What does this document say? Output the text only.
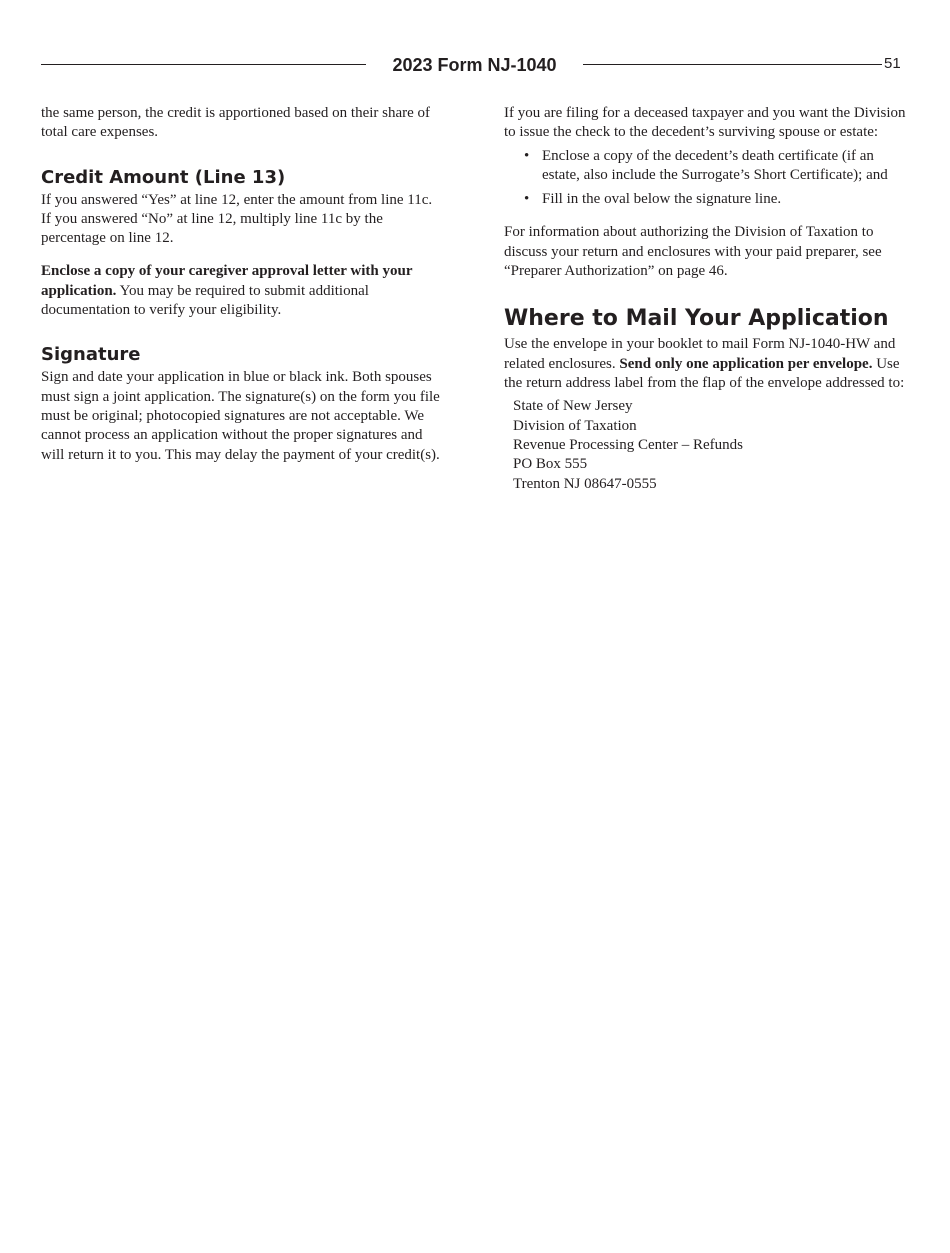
2023 Form NJ-1040	51

the same person, the credit is apportioned based on their share of total care expenses.

Credit Amount (Line 13)

If you answered “Yes” at line 12, enter the amount from line 11c. If you answered “No” at line 12, multiply line 11c by the percentage on line 12.

Enclose a copy of your caregiver approval letter with your application. You may be required to submit additional documentation to verify your eligibility.

Signature

Sign and date your application in blue or black ink. Both spouses must sign a joint application. The signature(s) on the form you file must be original; photocopied signatures are not acceptable. We cannot process an application without the proper signatures and will return it to you. This may delay the payment of your credit(s).

If you are filing for a deceased taxpayer and you want the Division to issue the check to the decedent’s surviving spouse or estate:

• Enclose a copy of the decedent’s death certificate (if an estate, also include the Surrogate’s Short Certificate); and
• Fill in the oval below the signature line.

For information about authorizing the Division of Taxation to discuss your return and enclosures with your paid preparer, see “Preparer Authorization” on page 46.

Where to Mail Your Application

Use the envelope in your booklet to mail Form NJ-1040-HW and related enclosures. Send only one application per envelope. Use the return address label from the flap of the envelope addressed to:

State of New Jersey
Division of Taxation
Revenue Processing Center – Refunds
PO Box 555
Trenton NJ 08647-0555
